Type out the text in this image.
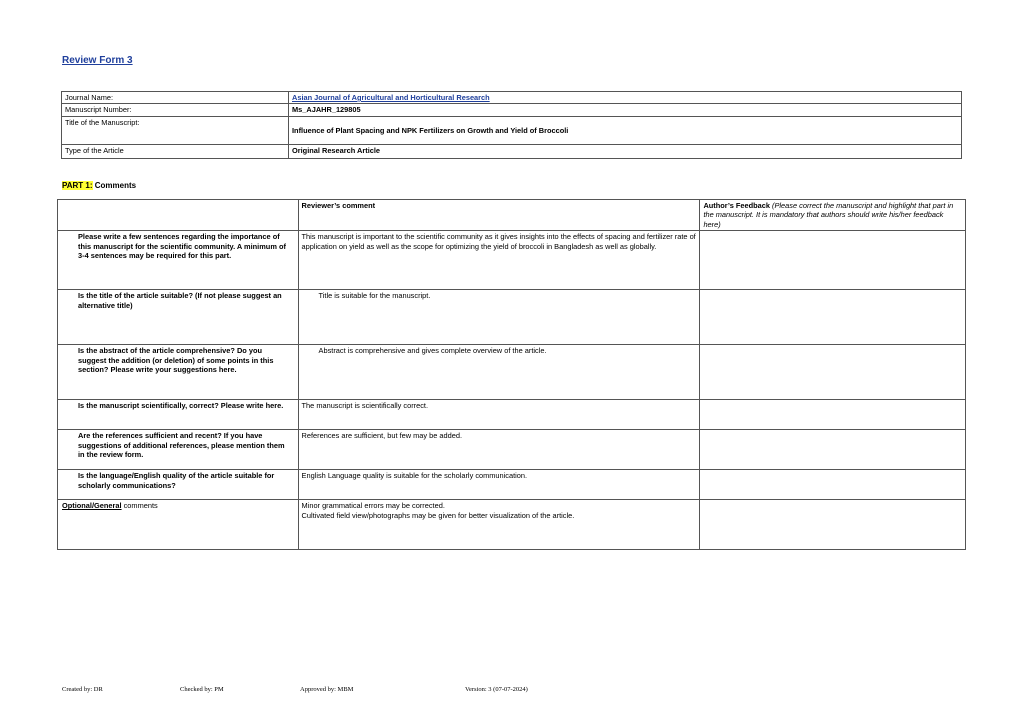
Review Form 3
Journal Name:	Asian Journal of Agricultural and Horticultural Research
Manuscript Number:	Ms_AJAHR_129805
Title of the Manuscript:	Influence of Plant Spacing and NPK Fertilizers on Growth and Yield of Broccoli
Type of the Article	Original Research Article
PART 1: Comments
	Reviewer’s comment	Author’s Feedback (Please correct the manuscript and highlight that part in the manuscript. It is mandatory that authors should write his/her feedback here)
Please write a few sentences regarding the importance of this manuscript for the scientific community. A minimum of 3-4 sentences may be required for this part.	This manuscript is important to the scientific community as it gives insights into the effects of spacing and fertilizer rate of application on yield as well as the scope for optimizing the yield of broccoli in Bangladesh as well as globally.	
Is the title of the article suitable? (If not please suggest an alternative title)	Title is suitable for the manuscript.	
Is the abstract of the article comprehensive? Do you suggest the addition (or deletion) of some points in this section? Please write your suggestions here.	Abstract is comprehensive and gives complete overview of the article.	
Is the manuscript scientifically, correct? Please write here.	The manuscript is scientifically correct.	
Are the references sufficient and recent? If you have suggestions of additional references, please mention them in the review form.	References are sufficient, but few may be added.	
Is the language/English quality of the article suitable for scholarly communications?	English Language quality is suitable for the scholarly communication.	
Optional/General comments	Minor grammatical errors may be corrected.
Cultivated field view/photographs may be given for better visualization of the article.	

Created by: DR	Checked by: PM	Approved by: MBM	Version: 3 (07-07-2024)
